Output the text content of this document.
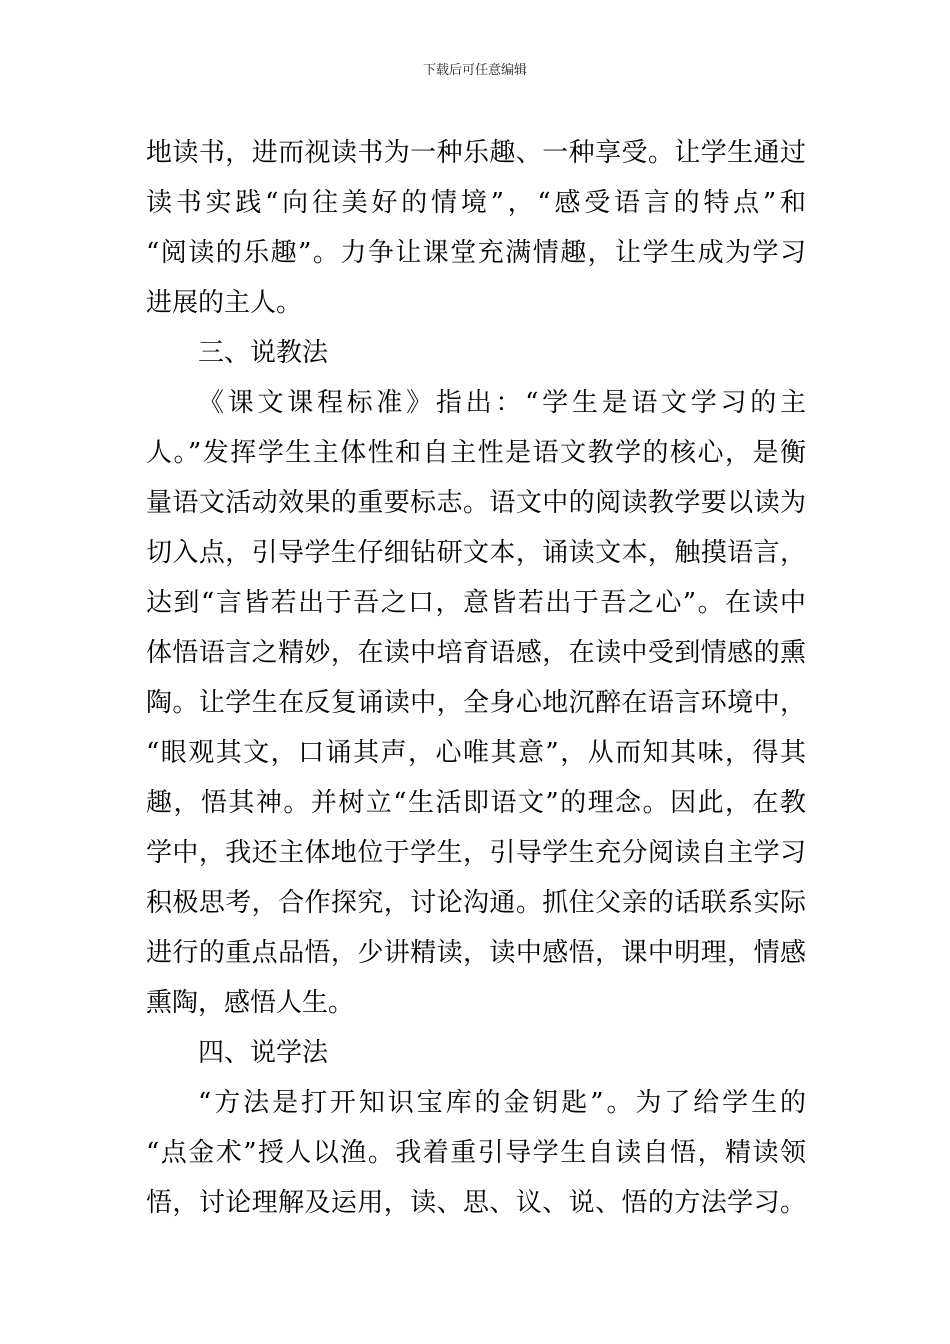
下载后可任意编辑
地读书，进而视读书为一种乐趣、一种享受。让学生通过
读书实践“向往美好的情境”，“感受语言的特点”和
“阅读的乐趣”。力争让课堂充满情趣，让学生成为学习
进展的主人。
三、说教法
《课文课程标准》指出：“学生是语文学习的主
人。”发挥学生主体性和自主性是语文教学的核心，是衡
量语文活动效果的重要标志。语文中的阅读教学要以读为
切入点，引导学生仔细钻研文本，诵读文本，触摸语言，
达到“言皆若出于吾之口，意皆若出于吾之心”。在读中
体悟语言之精妙，在读中培育语感，在读中受到情感的熏
陶。让学生在反复诵读中，全身心地沉醉在语言环境中，
“眼观其文，口诵其声，心唯其意”，从而知其味，得其
趣，悟其神。并树立“生活即语文”的理念。因此，在教
学中，我还主体地位于学生，引导学生充分阅读自主学习
积极思考，合作探究，讨论沟通。抓住父亲的话联系实际
进行的重点品悟，少讲精读，读中感悟，课中明理，情感
熏陶，感悟人生。
四、说学法
“方法是打开知识宝库的金钥匙”。为了给学生的
“点金术”授人以渔。我着重引导学生自读自悟，精读领
悟，讨论理解及运用，读、思、议、说、悟的方法学习。
